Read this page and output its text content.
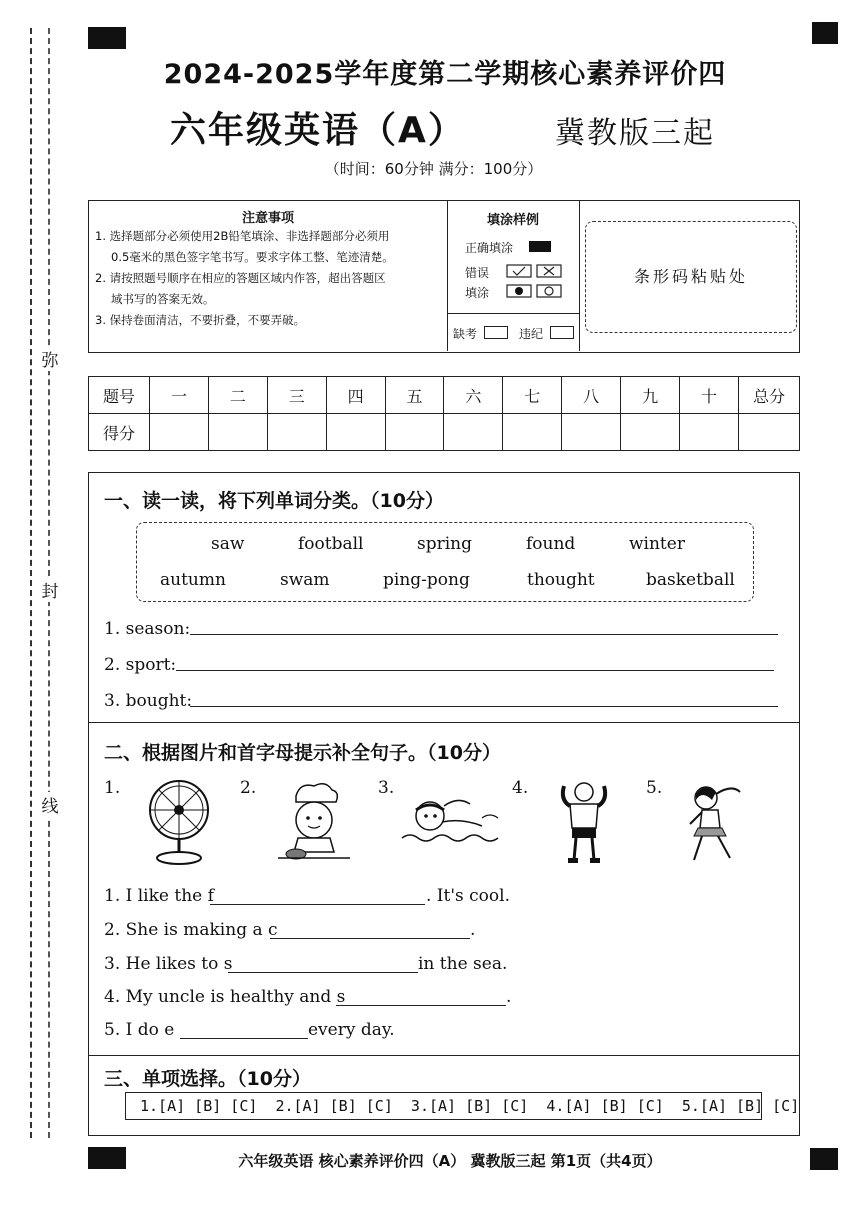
弥
封
线
2024-2025学年度第二学期核心素养评价四
六年级英语（A）	冀教版三起
（时间：60分钟 满分：100分）
注意事项
1. 选择题部分必须使用2B铅笔填涂、非选择题部分必须用
0.5毫米的黑色签字笔书写。要求字体工整、笔迹清楚。
2. 请按照题号顺序在相应的答题区域内作答，超出答题区
域书写的答案无效。
3. 保持卷面清洁，不要折叠，不要弄破。
填涂样例
正确填涂
错误
填涂
缺考	违纪
条形码粘贴处
题号	一	二	三	四	五	六	七	八	九	十	总分
得分											
一、读一读，将下列单词分类。（10分）
saw	football	spring	found	winter
autumn	swam	ping-pong	thought	basketball
1. season:
2. sport:
3. bought:
二、根据图片和首字母提示补全句子。（10分）
1.	2.	3.	4.	5.
1. I like the f	. It's cool.
2. She is making a c	.
3. He likes to s	in the sea.
4. My uncle is healthy and s	.
5. I do e	every day.
三、单项选择。（10分）
1.[A] [B] [C]  2.[A] [B] [C]  3.[A] [B] [C]  4.[A] [B] [C]  5.[A] [B] [C]
六年级英语 核心素养评价四（A） 冀教版三起 第1页（共4页）
